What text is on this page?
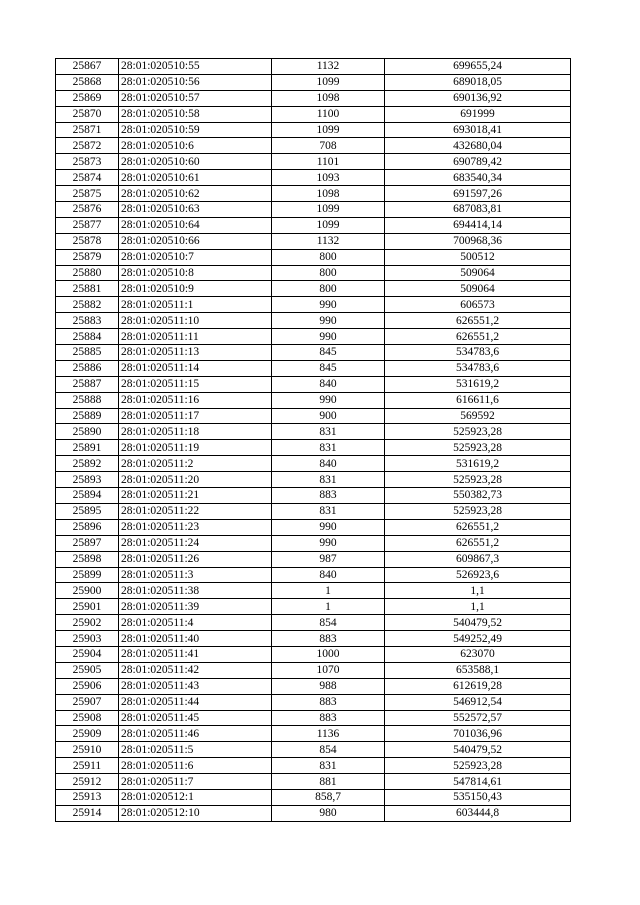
25867	28:01:020510:55	1132	699655,24
25868	28:01:020510:56	1099	689018,05
25869	28:01:020510:57	1098	690136,92
25870	28:01:020510:58	1100	691999
25871	28:01:020510:59	1099	693018,41
25872	28:01:020510:6	708	432680,04
25873	28:01:020510:60	1101	690789,42
25874	28:01:020510:61	1093	683540,34
25875	28:01:020510:62	1098	691597,26
25876	28:01:020510:63	1099	687083,81
25877	28:01:020510:64	1099	694414,14
25878	28:01:020510:66	1132	700968,36
25879	28:01:020510:7	800	500512
25880	28:01:020510:8	800	509064
25881	28:01:020510:9	800	509064
25882	28:01:020511:1	990	606573
25883	28:01:020511:10	990	626551,2
25884	28:01:020511:11	990	626551,2
25885	28:01:020511:13	845	534783,6
25886	28:01:020511:14	845	534783,6
25887	28:01:020511:15	840	531619,2
25888	28:01:020511:16	990	616611,6
25889	28:01:020511:17	900	569592
25890	28:01:020511:18	831	525923,28
25891	28:01:020511:19	831	525923,28
25892	28:01:020511:2	840	531619,2
25893	28:01:020511:20	831	525923,28
25894	28:01:020511:21	883	550382,73
25895	28:01:020511:22	831	525923,28
25896	28:01:020511:23	990	626551,2
25897	28:01:020511:24	990	626551,2
25898	28:01:020511:26	987	609867,3
25899	28:01:020511:3	840	526923,6
25900	28:01:020511:38	1	1,1
25901	28:01:020511:39	1	1,1
25902	28:01:020511:4	854	540479,52
25903	28:01:020511:40	883	549252,49
25904	28:01:020511:41	1000	623070
25905	28:01:020511:42	1070	653588,1
25906	28:01:020511:43	988	612619,28
25907	28:01:020511:44	883	546912,54
25908	28:01:020511:45	883	552572,57
25909	28:01:020511:46	1136	701036,96
25910	28:01:020511:5	854	540479,52
25911	28:01:020511:6	831	525923,28
25912	28:01:020511:7	881	547814,61
25913	28:01:020512:1	858,7	535150,43
25914	28:01:020512:10	980	603444,8
